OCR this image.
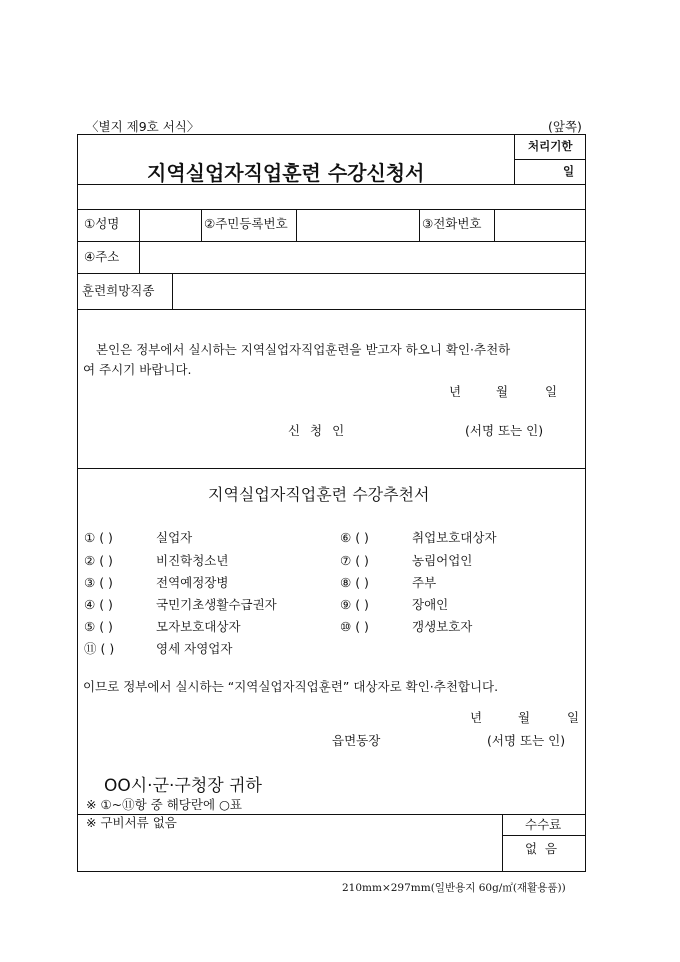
〈별지 제9호 서식〉	(앞쪽)
지역실업자직업훈련 수강신청서
처리기한
일
①성명	②주민등록번호	③전화번호
④주소
훈련희망직종
본인은 정부에서 실시하는 지역실업자직업훈련을 받고자 하오니 확인·추천하
여 주시기 바랍니다.
년	월	일
신 청 인	(서명 또는 인)
지역실업자직업훈련 수강추천서
① ( )	실업자
② ( )	비진학청소년
③ ( )	전역예정장병
④ ( )	국민기초생활수급권자
⑤ ( )	모자보호대상자
⑪ ( )	영세 자영업자
⑥ ( )	취업보호대상자
⑦ ( )	농림어업인
⑧ ( )	주부
⑨ ( )	장애인
⑩ ( )	갱생보호자
이므로 정부에서 실시하는 “지역실업자직업훈련” 대상자로 확인·추천합니다.
년	월	일
읍면동장	(서명 또는 인)
OO시·군·구청장 귀하
※ ①~⑪항 중 해당란에 ○표
※ 구비서류 없음	수수료
없 음
210mm×297mm(일반용지 60g/㎡(재활용품))
